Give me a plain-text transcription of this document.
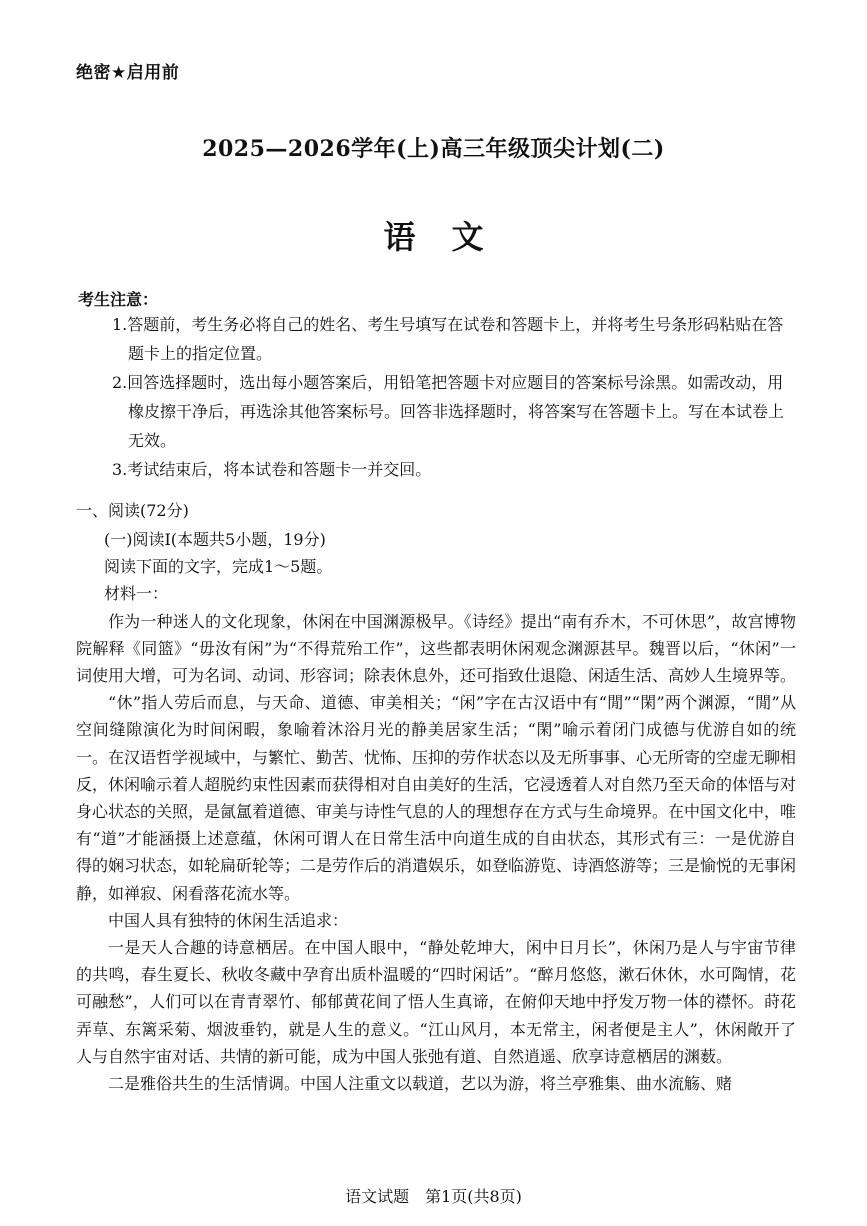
绝密★启用前
2025—2026学年(上)高三年级顶尖计划(二)
语文
考生注意：

1.答题前，考生务必将自己的姓名、考生号填写在试卷和答题卡上，并将考生号条形码粘贴在答题卡上的指定位置。

2.回答选择题时，选出每小题答案后，用铅笔把答题卡对应题目的答案标号涂黑。如需改动，用橡皮擦干净后，再选涂其他答案标号。回答非选择题时，将答案写在答题卡上。写在本试卷上无效。

3.考试结束后，将本试卷和答题卡一并交回。

一、阅读(72分)

(一)阅读Ⅰ(本题共5小题，19分)

阅读下面的文字，完成1～5题。

材料一：

作为一种迷人的文化现象，休闲在中国渊源极早。《诗经》提出“南有乔木，不可休思”，故宫博物院解释《同篮》“毋汝有闲”为“不得荒殆工作”，这些都表明休闲观念渊源甚早。魏晋以后，“休闲”一词使用大增，可为名词、动词、形容词；除表休息外，还可指致仕退隐、闲适生活、高妙人生境界等。

“休”指人劳后而息，与天命、道德、审美相关；“闲”字在古汉语中有“閒”“閑”两个渊源，“閒”从空间缝隙演化为时间闲暇，象喻着沐浴月光的静美居家生活；“閑”喻示着闭门成德与优游自如的统一。在汉语哲学视域中，与繁忙、勤苦、忧怖、压抑的劳作状态以及无所事事、心无所寄的空虚无聊相反，休闲喻示着人超脱约束性因素而获得相对自由美好的生活，它浸透着人对自然乃至天命的体悟与对身心状态的关照，是氤氲着道德、审美与诗性气息的人的理想存在方式与生命境界。在中国文化中，唯有“道”才能涵摄上述意蕴，休闲可谓人在日常生活中向道生成的自由状态，其形式有三：一是优游自得的娴习状态，如轮扁斫轮等；二是劳作后的消遣娱乐，如登临游览、诗酒悠游等；三是愉悦的无事闲静，如禅寂、闲看落花流水等。

中国人具有独特的休闲生活追求：

一是天人合趣的诗意栖居。在中国人眼中，“静处乾坤大，闲中日月长”，休闲乃是人与宇宙节律的共鸣，春生夏长、秋收冬藏中孕育出质朴温暖的“四时闲话”。“醉月悠悠，漱石休休，水可陶情，花可融愁”，人们可以在青青翠竹、郁郁黄花间了悟人生真谛，在俯仰天地中抒发万物一体的襟怀。莳花弄草、东篱采菊、烟波垂钓，就是人生的意义。“江山风月，本无常主，闲者便是主人”，休闲敞开了人与自然宇宙对话、共情的新可能，成为中国人张弛有道、自然逍遥、欣享诗意栖居的渊薮。

二是雅俗共生的生活情调。中国人注重文以载道，艺以为游，将兰亭雅集、曲水流觞、赌

语文试题　第1页(共8页)
